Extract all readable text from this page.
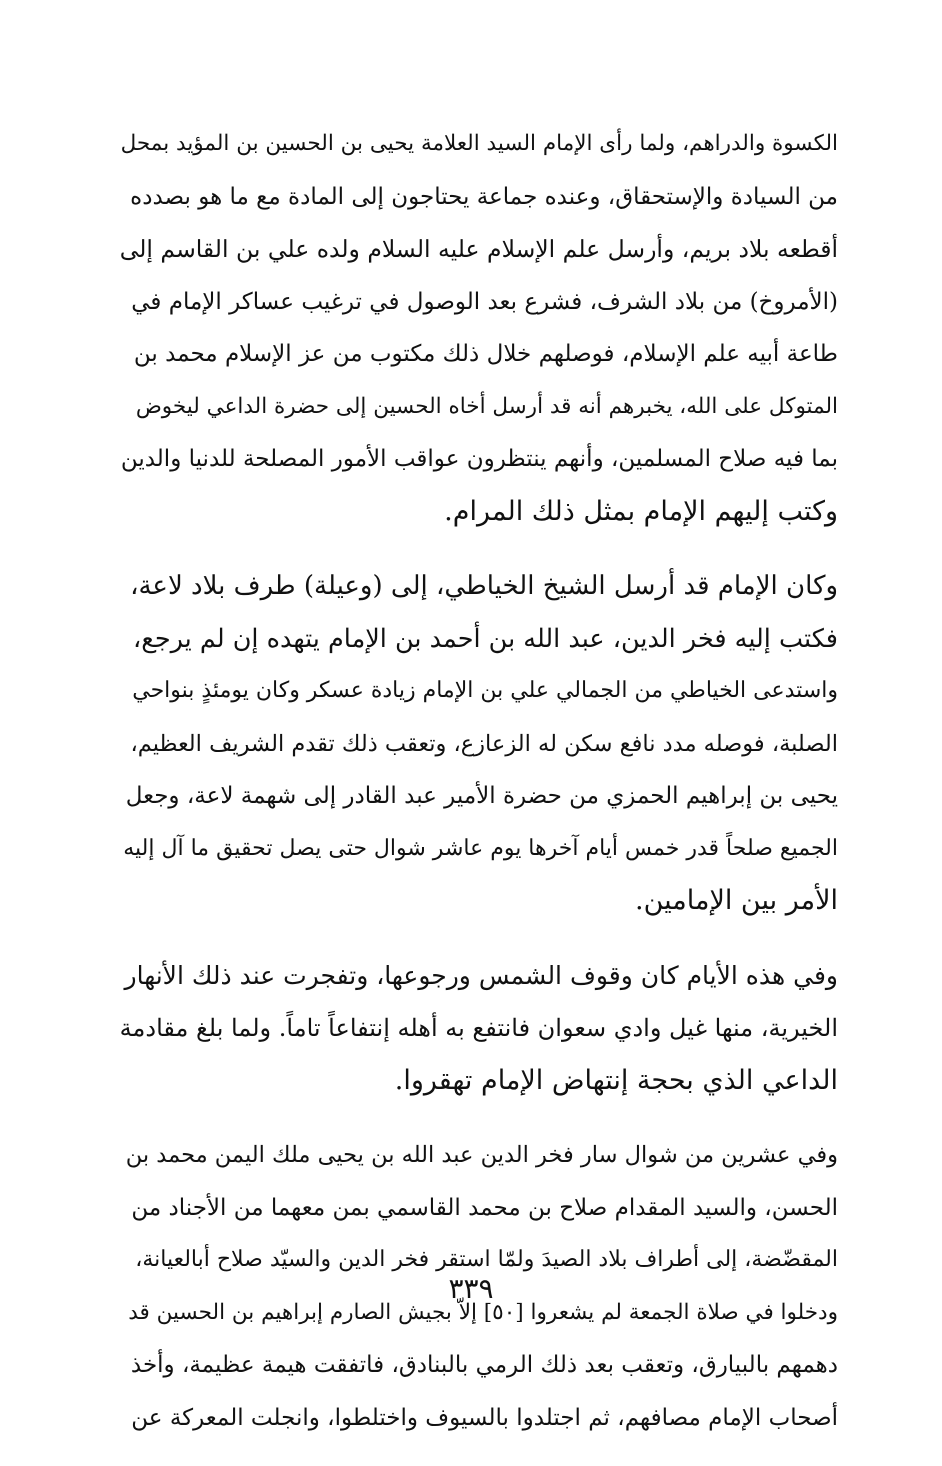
الكسوة والدراهم، ولما رأى الإمام السيد العلامة يحيى بن الحسين بن المؤيد بمحل
من السيادة والإستحقاق، وعنده جماعة يحتاجون إلى المادة مع ما هو بصدده
أقطعه بلاد بريم، وأرسل علم الإسلام عليه السلام ولده علي بن القاسم إلى
(الأمروخ) من بلاد الشرف، فشرع بعد الوصول في ترغيب عساكر الإمام في
طاعة أبيه علم الإسلام، فوصلهم خلال ذلك مكتوب من عز الإسلام محمد بن
المتوكل على الله، يخبرهم أنه قد أرسل أخاه الحسين إلى حضرة الداعي ليخوض
بما فيه صلاح المسلمين، وأنهم ينتظرون عواقب الأمور المصلحة للدنيا والدين
وكتب إليهم الإمام بمثل ذلك المرام.
وكان الإمام قد أرسل الشيخ الخياطي، إلى (وعيلة) طرف بلاد لاعة،
فكتب إليه فخر الدين، عبد الله بن أحمد بن الإمام يتهده إن لم يرجع،
واستدعى الخياطي من الجمالي علي بن الإمام زيادة عسكر وكان يومئذٍ بنواحي
الصلبة، فوصله مدد نافع سكن له الزعازع، وتعقب ذلك تقدم الشريف العظيم،
يحيى بن إبراهيم الحمزي من حضرة الأمير عبد القادر إلى شهمة لاعة، وجعل
الجميع صلحاً قدر خمس أيام آخرها يوم عاشر شوال حتى يصل تحقيق ما آل إليه
الأمر بين الإمامين.
وفي هذه الأيام كان وقوف الشمس ورجوعها، وتفجرت عند ذلك الأنهار
الخيرية، منها غيل وادي سعوان فانتفع به أهله إنتفاعاً تاماً. ولما بلغ مقادمة
الداعي الذي بحجة إنتهاض الإمام تهقروا.
وفي عشرين من شوال سار فخر الدين عبد الله بن يحيى ملك اليمن محمد بن
الحسن، والسيد المقدام صلاح بن محمد القاسمي بمن معهما من الأجناد من
المقضّضة، إلى أطراف بلاد الصيدَ ولمّا استقر فخر الدين والسيّد صلاح أبالعيانة،
ودخلوا في صلاة الجمعة لم يشعروا [٥٠] إلاّ بجيش الصارم إبراهيم بن الحسين قد
دهمهم بالبيارق، وتعقب بعد ذلك الرمي بالبنادق، فاتفقت هيمة عظيمة، وأخذ
أصحاب الإمام مصافهم، ثم اجتلدوا بالسيوف واختلطوا، وانجلت المعركة عن
٣٣٩
